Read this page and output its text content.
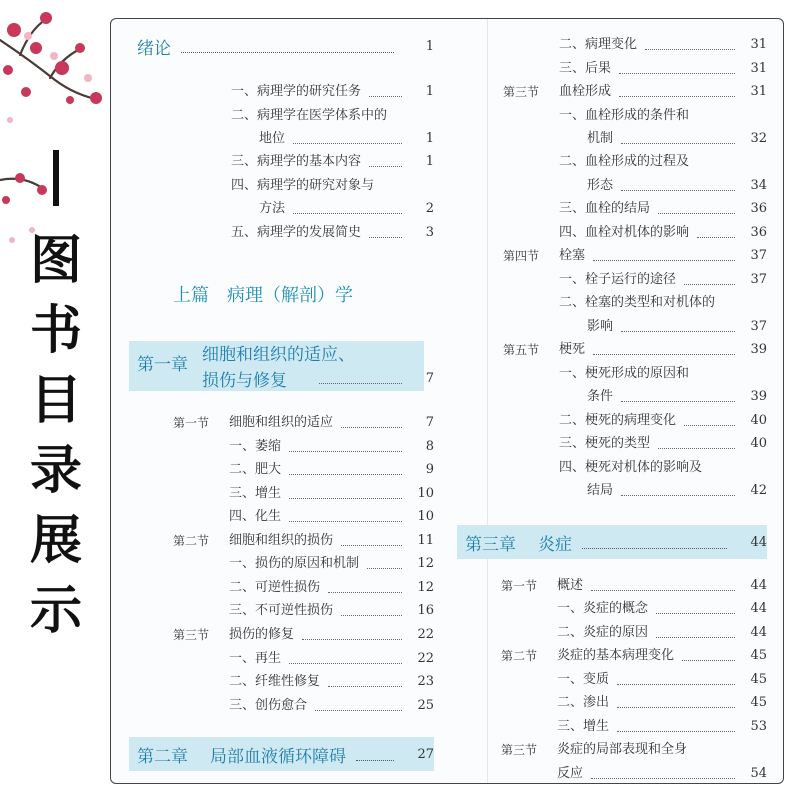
图
书
目
录
展
示
绪论	1
一、病理学的研究任务	1
二、病理学在医学体系中的
地位	1
三、病理学的基本内容	1
四、病理学的研究对象与
方法	2
五、病理学的发展简史	3
上篇　病理（解剖）学
第一章 细胞和组织的适应、
损伤与修复	7
第一节	细胞和组织的适应	7
一、萎缩	8
二、肥大	9
三、增生	10
四、化生	10
第二节	细胞和组织的损伤	11
一、损伤的原因和机制	12
二、可逆性损伤	12
三、不可逆性损伤	16
第三节	损伤的修复	22
一、再生	22
二、纤维性修复	23
三、创伤愈合	25
第二章	局部血液循环障碍	27
二、病理变化	31
三、后果	31
第三节	血栓形成	31
一、血栓形成的条件和
机制	32
二、血栓形成的过程及
形态	34
三、血栓的结局	36
四、血栓对机体的影响	36
第四节	栓塞	37
一、栓子运行的途径	37
二、栓塞的类型和对机体的
影响	37
第五节	梗死	39
一、梗死形成的原因和
条件	39
二、梗死的病理变化	40
三、梗死的类型	40
四、梗死对机体的影响及
结局	42
第三章	炎症	44
第一节	概述	44
一、炎症的概念	44
二、炎症的原因	44
第二节	炎症的基本病理变化	45
一、变质	45
二、渗出	45
三、增生	53
第三节	炎症的局部表现和全身
反应	54
